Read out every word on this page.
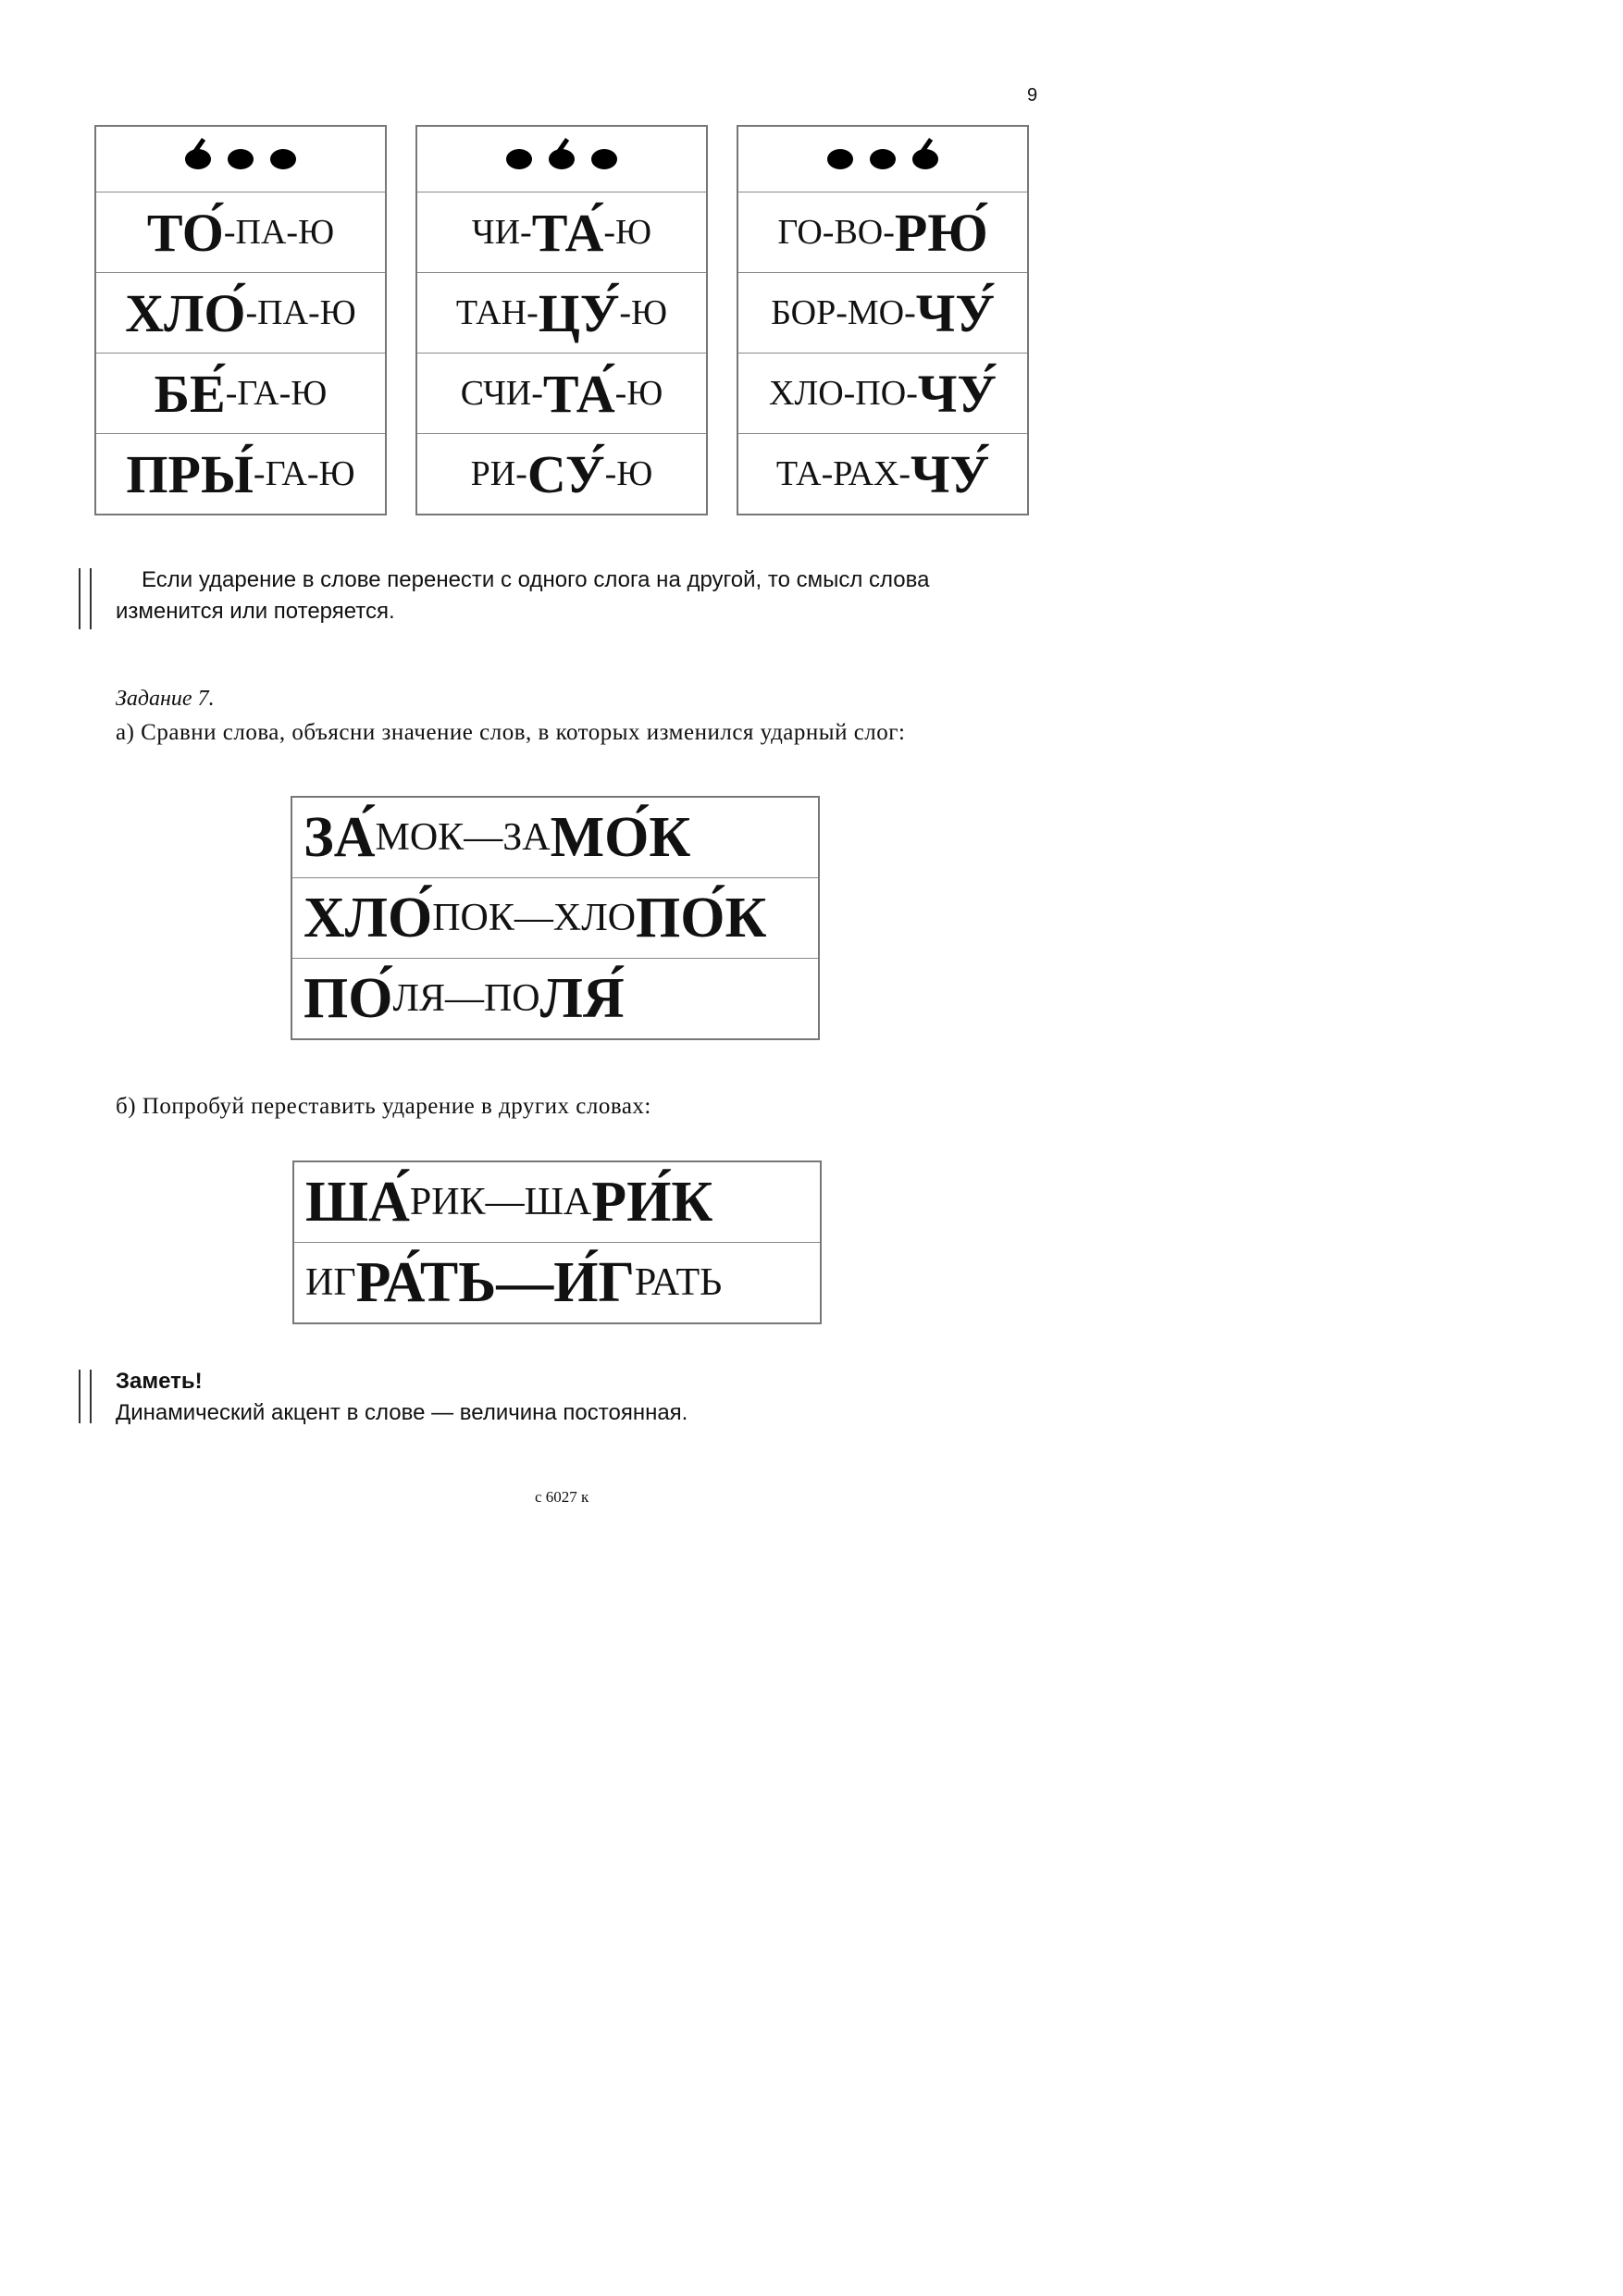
9
ТО́ -ПА-Ю
ХЛО́ -ПА-Ю
БЕ́ -ГА-Ю
ПРЫ́ -ГА-Ю
ЧИ- ТА́ -Ю
ТАН- ЦУ́ -Ю
СЧИ- ТА́ -Ю
РИ- СУ́ -Ю
ГО-ВО- РЮ́
БОР-МО- ЧУ́
ХЛО-ПО- ЧУ́
ТА-РАХ- ЧУ́
Если ударение в слове перенести с одного слога на другой, то смысл слова
изменится или потеряется.
Задание 7.
а) Сравни слова, объясни значение слов, в которых изменился ударный слог:
ЗА́ МОК — ЗА МО́К
ХЛО́ ПОК — ХЛО ПО́К
ПО́ ЛЯ — ПО ЛЯ́
б) Попробуй переставить ударение в других словах:
ША́ РИК — ША РИ́К
ИГ РА́ТЬ — И́Г РАТЬ
Заметь!
Динамический акцент в слове — величина постоянная.
с 6027 к
